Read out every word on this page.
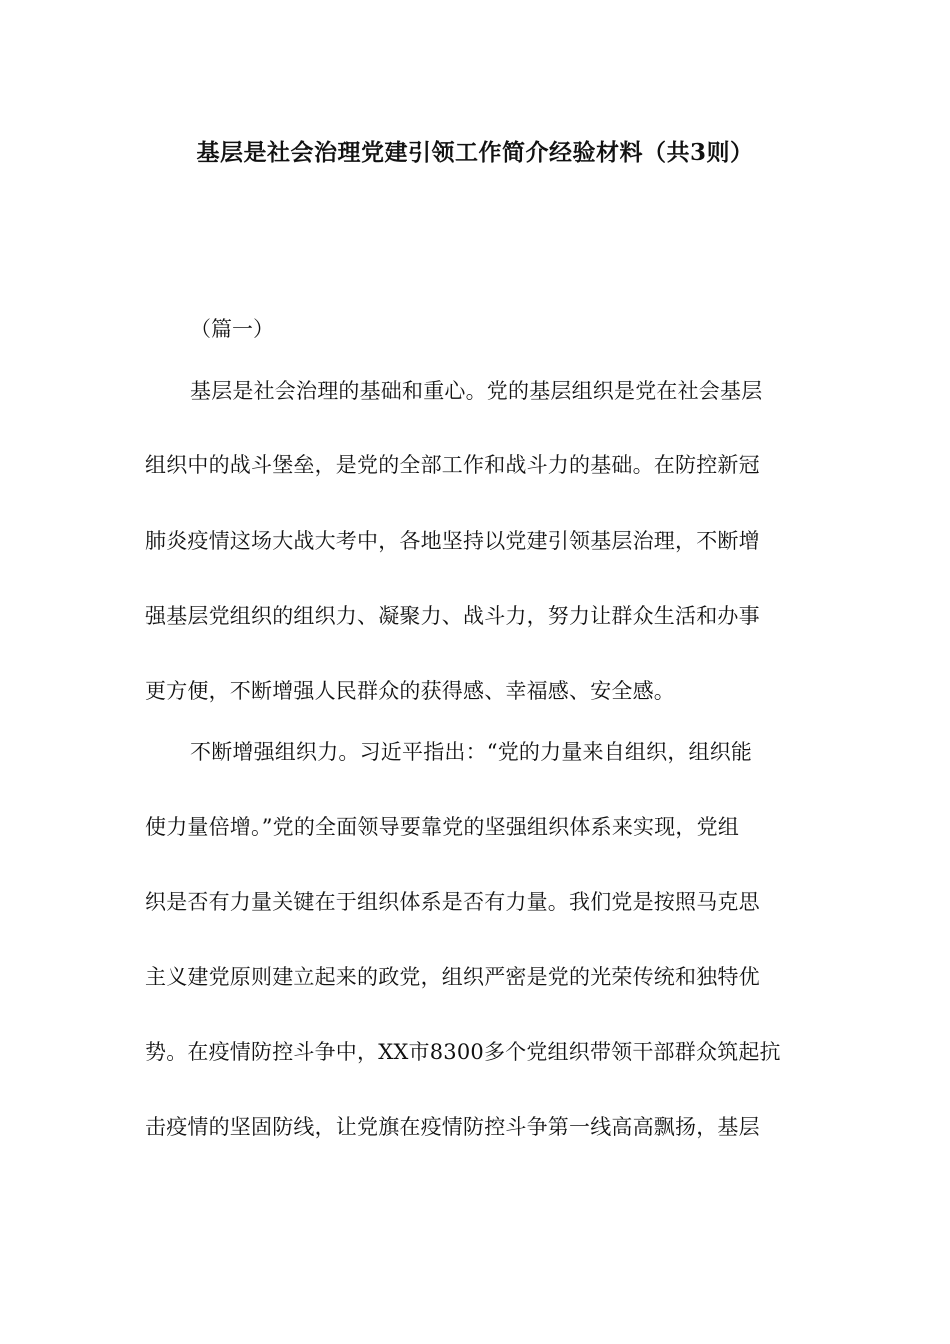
基层是社会治理党建引领工作简介经验材料（共3则）
（篇一）
基层是社会治理的基础和重心。党的基层组织是党在社会基层
组织中的战斗堡垒，是党的全部工作和战斗力的基础。在防控新冠
肺炎疫情这场大战大考中，各地坚持以党建引领基层治理，不断增
强基层党组织的组织力、凝聚力、战斗力，努力让群众生活和办事
更方便，不断增强人民群众的获得感、幸福感、安全感。
不断增强组织力。习近平指出：“党的力量来自组织，组织能
使力量倍增。”党的全面领导要靠党的坚强组织体系来实现，党组
织是否有力量关键在于组织体系是否有力量。我们党是按照马克思
主义建党原则建立起来的政党，组织严密是党的光荣传统和独特优
势。在疫情防控斗争中，XX市8300多个党组织带领干部群众筑起抗
击疫情的坚固防线，让党旗在疫情防控斗争第一线高高飘扬，基层
